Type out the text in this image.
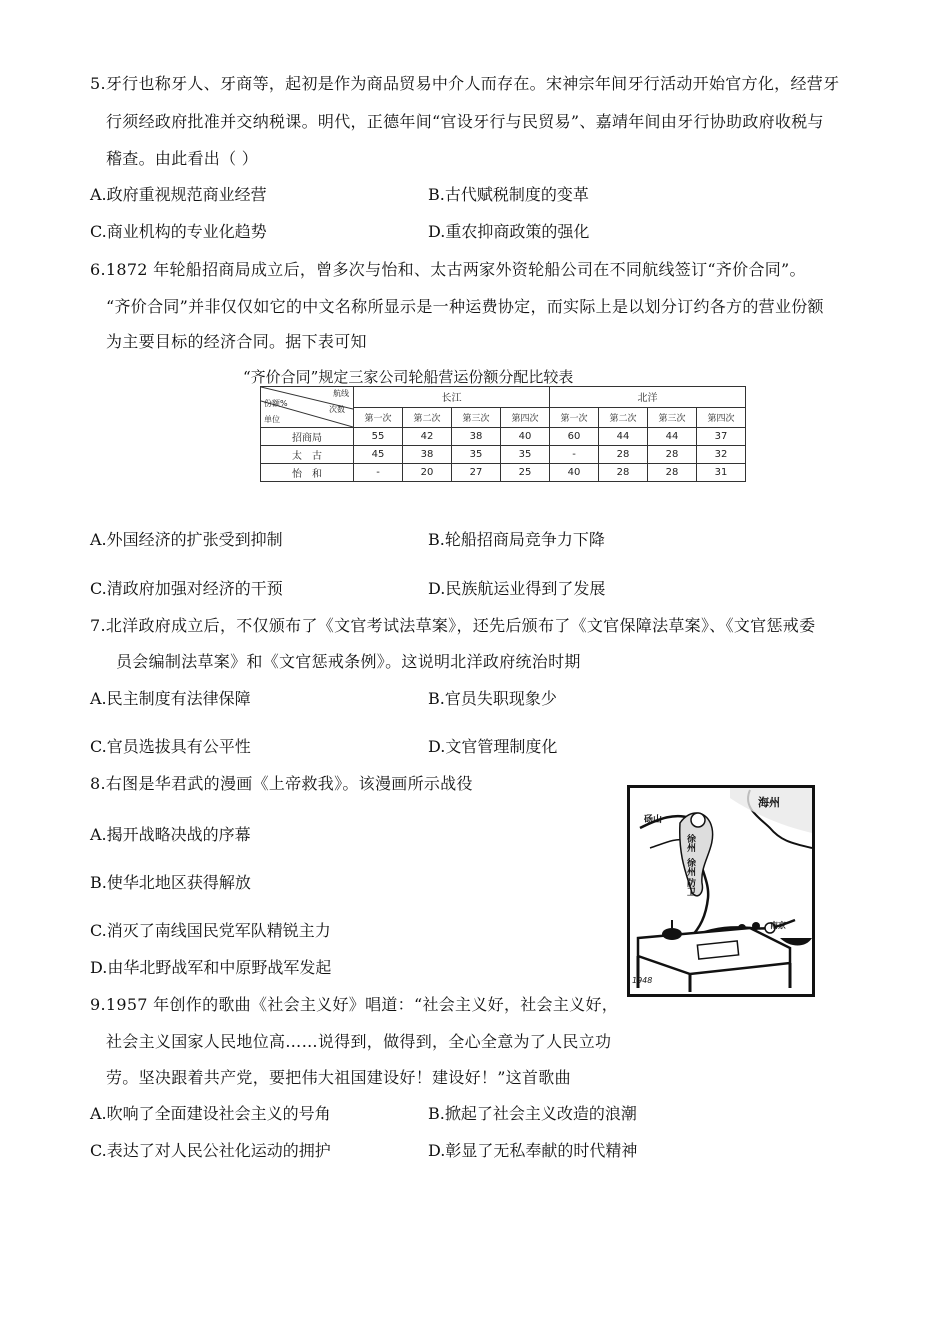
5.牙行也称牙人、牙商等，起初是作为商品贸易中介人而存在。宋神宗年间牙行活动开始官方化，经营牙
行须经政府批准并交纳税课。明代，正德年间“官设牙行与民贸易”、嘉靖年间由牙行协助政府收税与
稽查。由此看出（ ）
A.政府重视规范商业经营	B.古代赋税制度的变革
C.商业机构的专业化趋势	D.重农抑商政策的强化
6.1872 年轮船招商局成立后，曾多次与怡和、太古两家外资轮船公司在不同航线签订“齐价合同”。
“齐价合同”并非仅仅如它的中文名称所显示是一种运费协定，而实际上是以划分订约各方的营业份额
为主要目标的经济合同。据下表可知
“齐价合同”规定三家公司轮船营运份额分配比较表
航线
份额%
次数
单位	长江				北洋			
	第一次	第二次	第三次	第四次	第一次	第二次	第三次	第四次
招商局	55	42	38	40	60	44	44	37
太　古	45	38	35	35	-	28	28	32
怡　和	-	20	27	25	40	28	28	31
A.外国经济的扩张受到抑制	B.轮船招商局竞争力下降
C.清政府加强对经济的干预	D.民族航运业得到了发展
7.北洋政府成立后，不仅颁布了《文官考试法草案》，还先后颁布了《文官保障法草案》、《文官惩戒委
员会编制法草案》和《文官惩戒条例》。这说明北洋政府统治时期
A.民主制度有法律保障	B.官员失职现象少
C.官员选拔具有公平性	D.文官管理制度化
8.右图是华君武的漫画《上帝救我》。该漫画所示战役
A.揭开战略决战的序幕
B.使华北地区获得解放
C.消灭了南线国民党军队精锐主力
D.由华北野战军和中原野战军发起
海州
砀山
徐州
徐州
防卫
南京
1948
9.1957 年创作的歌曲《社会主义好》唱道：“社会主义好，社会主义好，
社会主义国家人民地位高……说得到，做得到，全心全意为了人民立功
劳。坚决跟着共产党，要把伟大祖国建设好！建设好！”这首歌曲
A.吹响了全面建设社会主义的号角	B.掀起了社会主义改造的浪潮
C.表达了对人民公社化运动的拥护	D.彰显了无私奉献的时代精神
